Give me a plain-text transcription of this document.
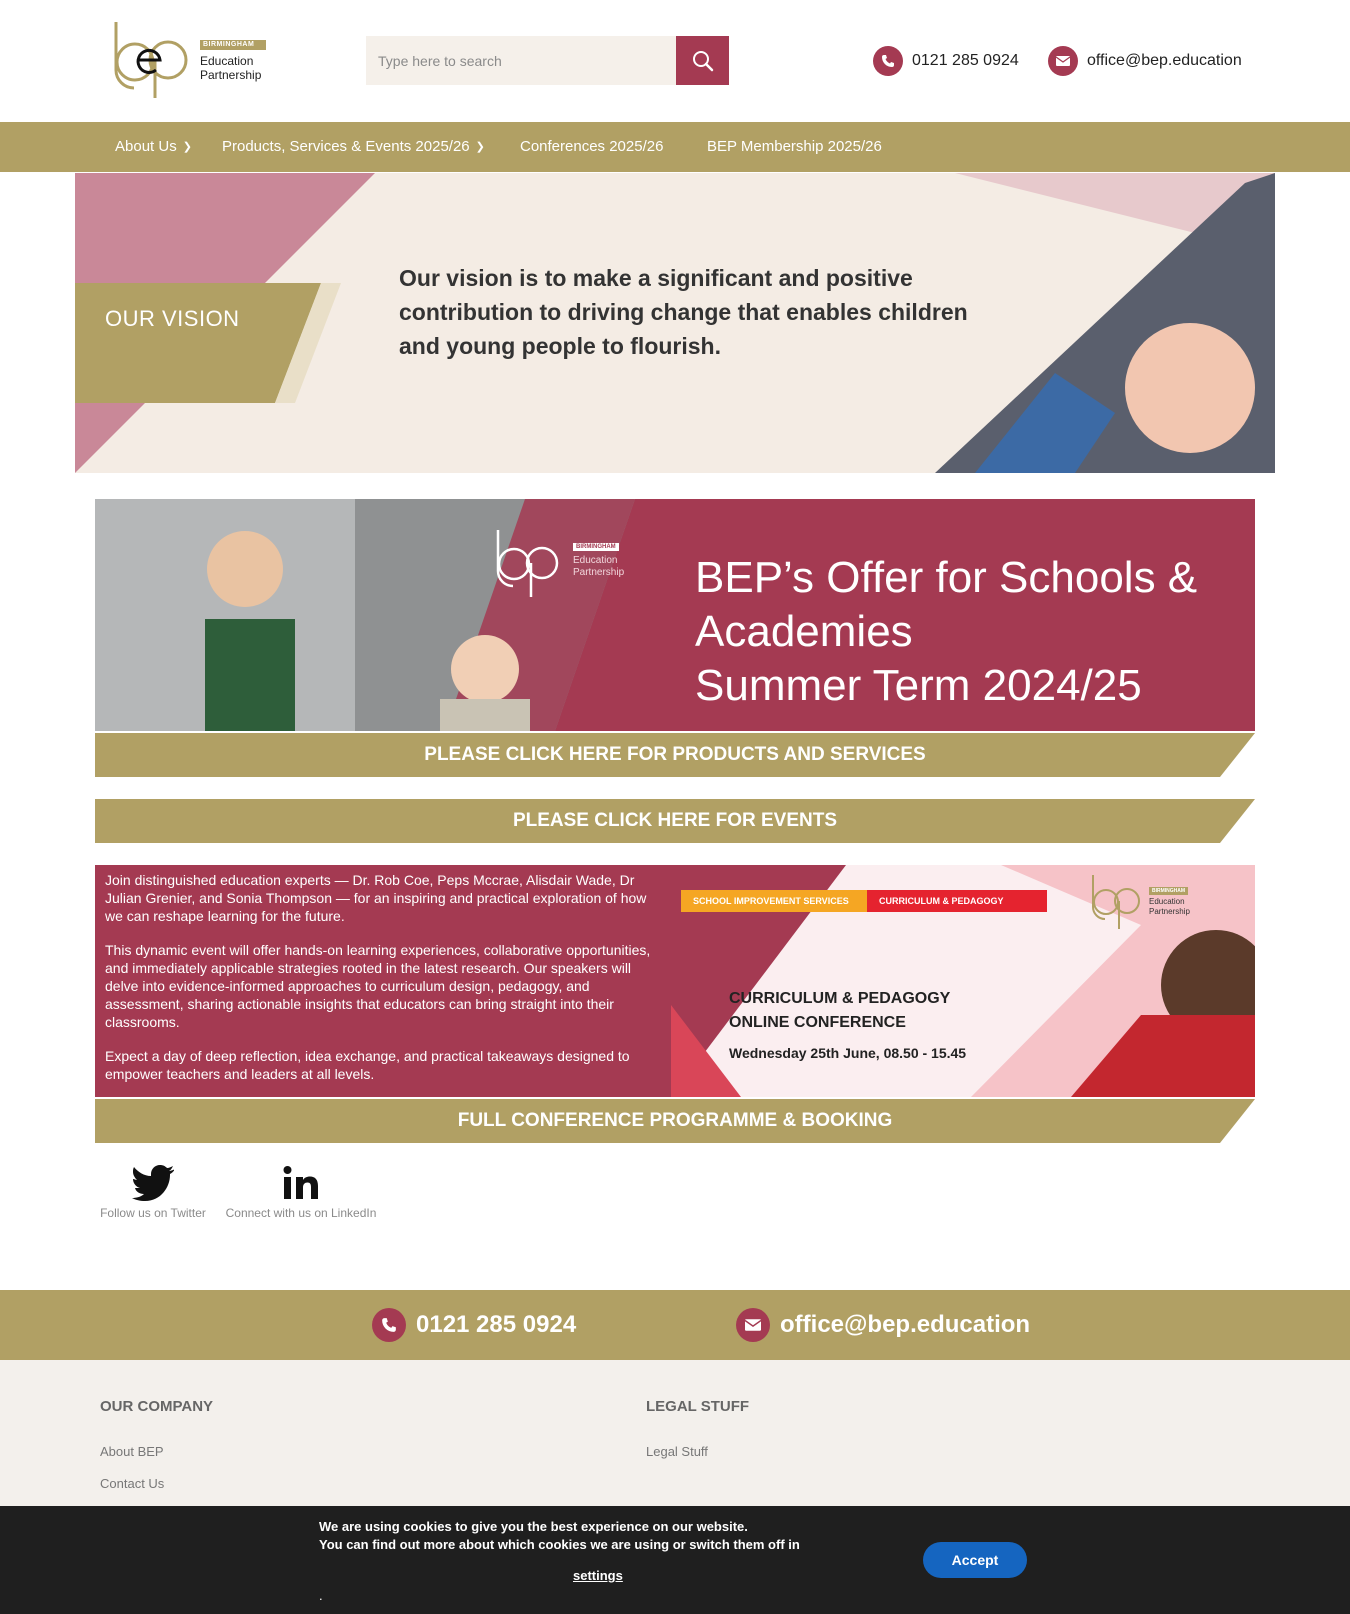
BIRMINGHAM
Education
Partnership
Type here to search
0121 285 0924	office@bep.education
About Us ❯ Products, Services & Events 2025/26 ❯ Conferences 2025/26	BEP Membership 2025/26
OUR VISION
Our vision is to make a significant and positive contribution to driving change that enables children and young people to flourish.
BIRMINGHAM
Education
Partnership BEP’s Offer for Schools &
Academies
Summer Term 2024/25
PLEASE CLICK HERE FOR PRODUCTS AND SERVICES
PLEASE CLICK HERE FOR EVENTS

Join distinguished education experts — Dr. Rob Coe, Peps Mccrae, Alisdair Wade, Dr Julian Grenier, and Sonia Thompson — for an inspiring and practical exploration of how we can reshape learning for the future.

This dynamic event will offer hands-on learning experiences, collaborative opportunities, and immediately applicable strategies rooted in the latest research. Our speakers will delve into evidence-informed approaches to curriculum design, pedagogy, and assessment, sharing actionable insights that educators can bring straight into their classrooms.

Expect a day of deep reflection, idea exchange, and practical takeaways designed to empower teachers and leaders at all levels.

SCHOOL IMPROVEMENT SERVICES	CURRICULUM & PEDAGOGY
BIRMINGHAM
Education
Partnership
CURRICULUM & PEDAGOGY
ONLINE CONFERENCE
Wednesday 25th June, 08.50 - 15.45
FULL CONFERENCE PROGRAMME & BOOKING
Follow us on Twitter	Connect with us on LinkedIn
0121 285 0924	office@bep.education
OUR COMPANY
About BEP
Contact Us
LEGAL STUFF
Legal Stuff
We are using cookies to give you the best experience on our website.
You can find out more about which cookies we are using or switch them off in
settings
.
Accept
